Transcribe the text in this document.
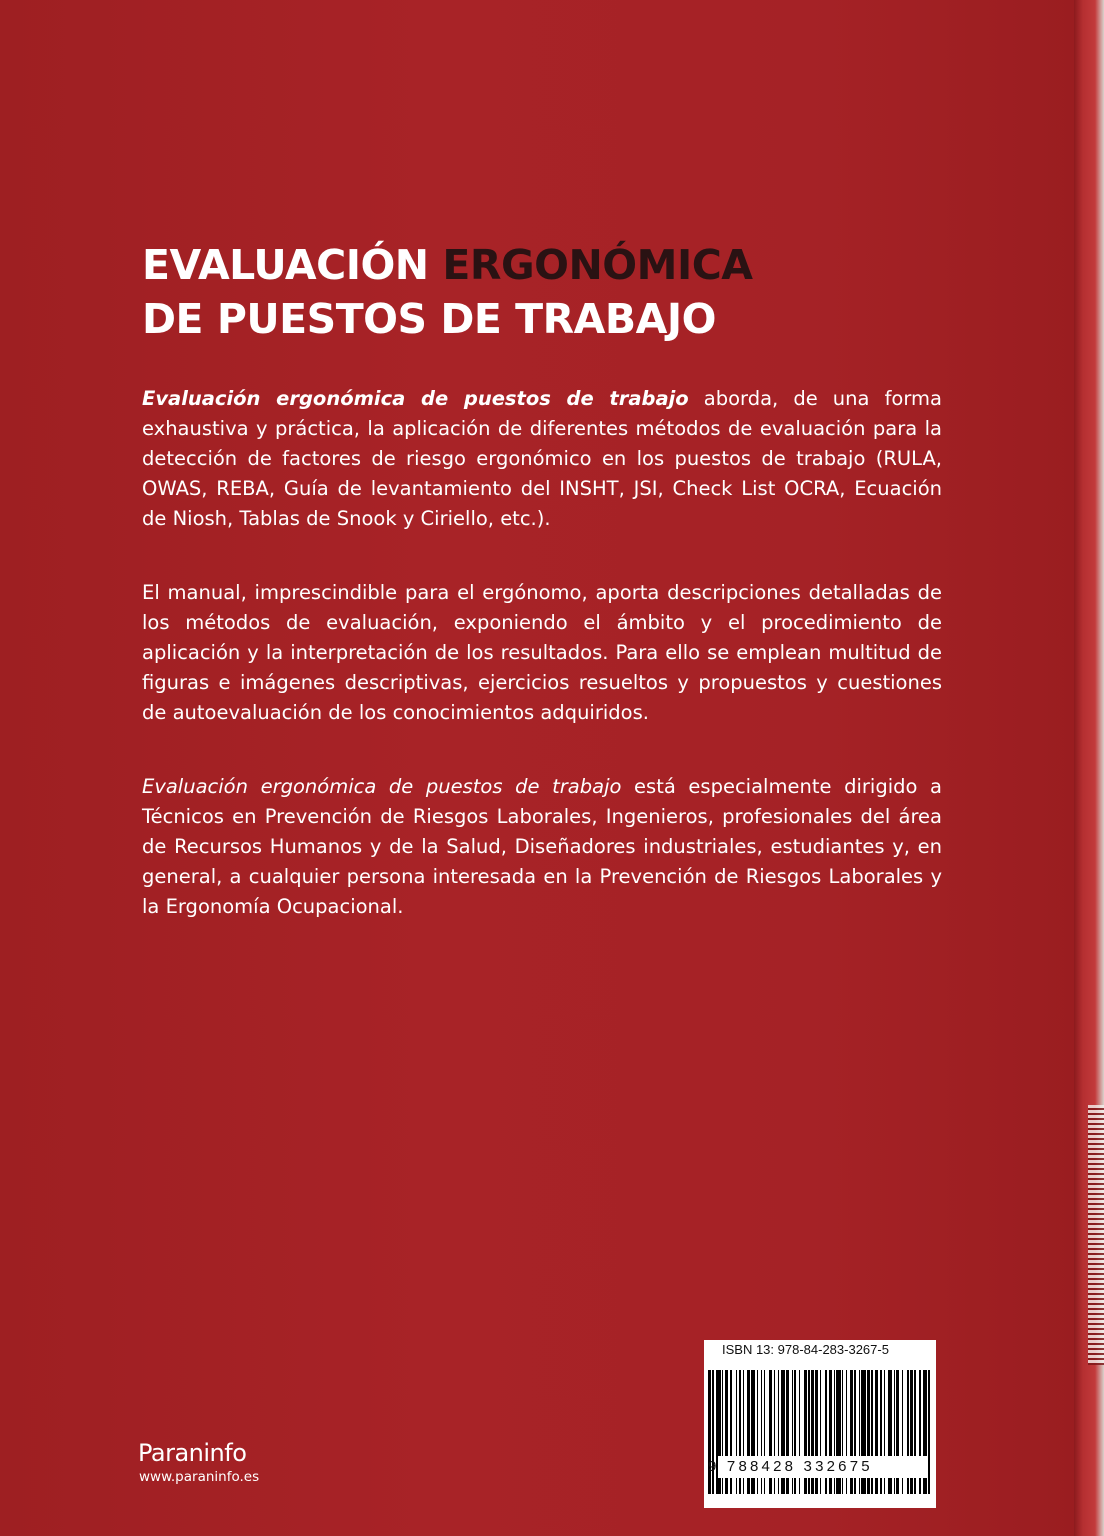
EVALUACIÓN ERGONÓMICA
DE PUESTOS DE TRABAJO

Evaluación ergonómica de puestos de trabajo aborda, de una forma exhaustiva y práctica, la aplicación de diferentes métodos de evaluación para la detección de factores de riesgo ergonómico en los puestos de trabajo (RULA, OWAS, REBA, Guía de levantamiento del INSHT, JSI, Check List OCRA, Ecuación de Niosh, Tablas de Snook y Ciriello, etc.).

El manual, imprescindible para el ergónomo, aporta descripciones detalladas de los métodos de evaluación, exponiendo el ámbito y el procedimiento de aplicación y la interpretación de los resultados. Para ello se emplean multitud de figuras e imágenes descriptivas, ejercicios resueltos y propuestos y cuestiones de autoevaluación de los conocimientos adquiridos.

Evaluación ergonómica de puestos de trabajo está especialmente dirigido a Técnicos en Prevención de Riesgos Laborales, Ingenieros, profesionales del área de Recursos Humanos y de la Salud, Diseñadores industriales, estudiantes y, en general, a cualquier persona interesada en la Prevención de Riesgos Laborales y la Ergonomía Ocupacional.

Paraninfo
www.paraninfo.es
ISBN 13: 978-84-283-3267-5
9 788428 332675
